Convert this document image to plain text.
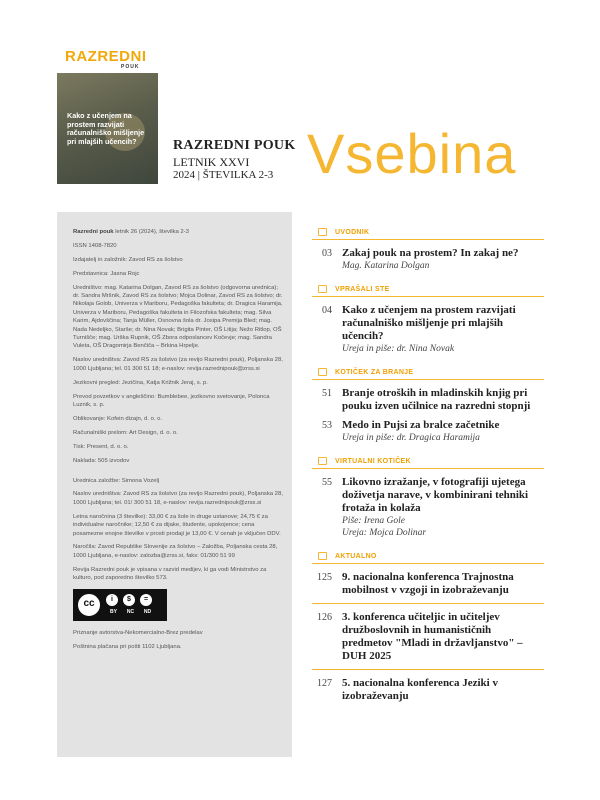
RAZREDNI
POUK
Kako z učenjem na prostem razvijati računalniško mišljenje pri mlajših učencih?	RAZREDNI POUK
LETNIK XXVI
2024 | ŠTEVILKA 2-3 Vsebina

Razredni pouk letnik 26 (2024), številka 2-3

ISSN 1408-7820

Izdajatelj in založnik: Zavod RS za šolstvo

Predstavnica: Jasna Rojc

Uredništvo: mag. Katarina Dolgan, Zavod RS za šolstvo (odgovorna urednica); dr. Sandra Mršnik, Zavod RS za šolstvo; Mojca Dolinar, Zavod RS za šolstvo; dr. Nikolaja Golob, Univerza v Mariboru, Pedagoška fakulteta; dr. Dragica Haramija, Univerza v Mariboru, Pedagoška fakulteta in Filozofska fakulteta; mag. Silva Karim, Ajdovščina; Tanja Müller, Osnovna šola dr. Josipa Premija Bled; mag. Nada Nedeljko, Starše; dr. Nina Novak; Brigita Pinter, OŠ Litija; Nežo Ritlop, OŠ Turniščе; mag. Urška Rupnik, OŠ Zbora odposlancev Kočevje; mag. Sandra Vuleta, OŠ Dragomirja Benčiča – Brkina Hrpelje.

Naslov uredništva: Zavod RS za šolstvo (za revijo Razredni pouk), Poljanska 28, 1000 Ljubljana; tel. 01 300 51 18; e-naslov: revija.razrednipouk@zrss.si

Jezikovni pregled: Jezičina, Katja Križnik Jeraj, s. p.

Prevod povzetkov v angleščino: Bumblebee, jezikovno svetovanje, Polonca Luznik, s. p.

Oblikovanje: Kofein dizajn, d. o. o.

Računalniški prelom: Art Design, d. o. o.

Tisk: Present, d. o. o.

Naklada: 505 izvodov

Urednica založbe: Simona Vozelj

Naslov uredništva: Zavod RS za šolstvo (za revijo Razredni pouk), Poljanska 28, 1000 Ljubljana; tel. 01/ 300 51 18, e-naslov: revija.razrednipouk@zrss.si

Letna naročnina (3 številke): 33,00 € za šole in druge ustanove; 24,75 € za individualne naročnike; 12,50 € za dijake, študente, upokojence; cena posamezne enojne številke v prosti prodaji je 13,00 €. V cenah je vključen DDV.

Naročila: Zavod Republike Slovenije za šolstvo – Založba, Poljanska cesta 28, 1000 Ljubljana, e-naslov: zalozba@zrss.si, faks: 01/300 51 99

Revija Razredni pouk je vpisana v razvid medijev, ki ga vodi Ministrstvo za kulturo, pod zaporedno številko 573.

cc	i	$	=
BY	NC	ND

Priznanje avtorstva-Nekomercialno-Brez predelav

Poštnina plačana pri pošti 1102 Ljubljana.

UVODNIK
03 Zakaj pouk na prostem? In zakaj ne?
Mag. Katarina Dolgan
VPRAŠALI STE
04 Kako z učenjem na prostem razvijati računalniško mišljenje pri mlajših učencih?
Ureja in piše: dr. Nina Novak
KOTIČEK ZA BRANJE
51 Branje otroških in mladinskih knjig pri pouku izven učilnice na razredni stopnji
53 Medo in Pujsi za bralce začetnike
Ureja in piše: dr. Dragica Haramija
VIRTUALNI KOTIČEK
55 Likovno izražanje, v fotografiji ujetega doživetja narave, v kombinirani tehniki frotaža in kolaža
Piše: Irena Gole
Ureja: Mojca Dolinar
AKTUALNO
125 9. nacionalna konferenca Trajnostna mobilnost v vzgoji in izobraževanju
126 3. konferenca učiteljic in učiteljev družboslovnih in humanističnih predmetov "Mladi in državljanstvo" – DUH 2025
127 5. nacionalna konferenca Jeziki v izobraževanju
